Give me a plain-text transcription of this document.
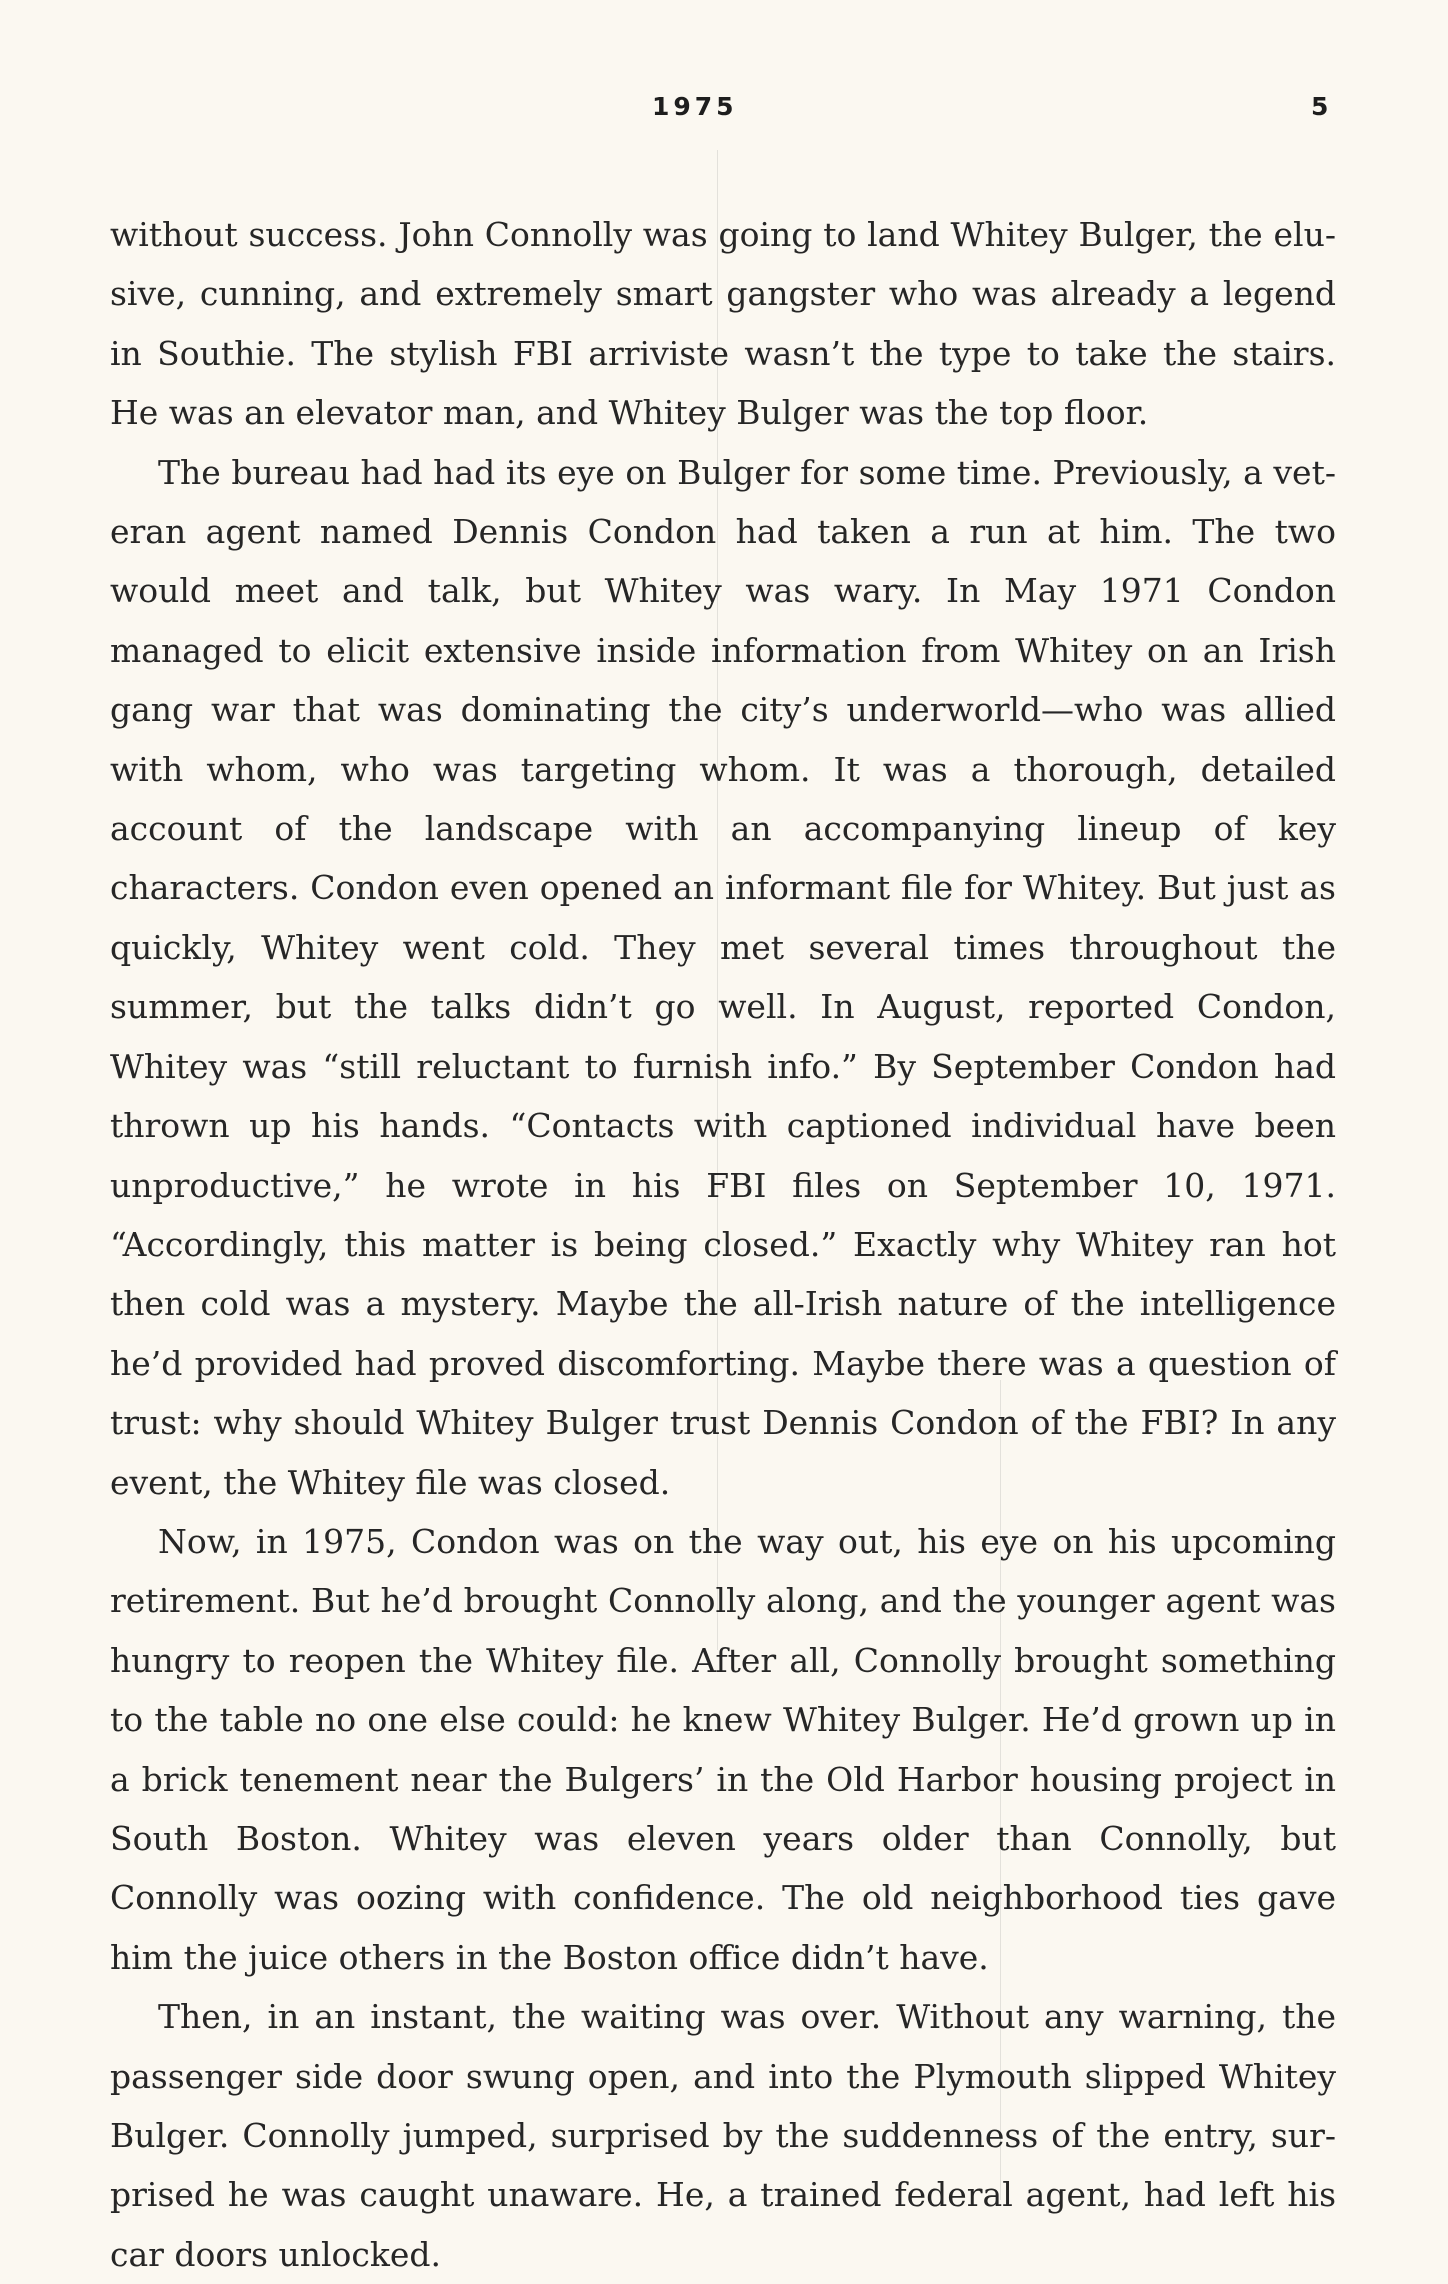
1975	5

without success. John Connolly was going to land Whitey Bulger, the elusive, cunning, and extremely smart gangster who was already a legend in Southie. The stylish FBI arriviste wasn’t the type to take the stairs. He was an elevator man, and Whitey Bulger was the top floor.

The bureau had had its eye on Bulger for some time. Previously, a veteran agent named Dennis Condon had taken a run at him. The two would meet and talk, but Whitey was wary. In May 1971 Condon managed to elicit extensive inside information from Whitey on an Irish gang war that was dominating the city’s underworld—who was allied with whom, who was targeting whom. It was a thorough, detailed account of the landscape with an accompanying lineup of key characters. Condon even opened an informant file for Whitey. But just as quickly, Whitey went cold. They met several times throughout the summer, but the talks didn’t go well. In August, reported Condon, Whitey was “still reluctant to furnish info.” By September Condon had thrown up his hands. “Contacts with captioned individual have been unproductive,” he wrote in his FBI files on September 10, 1971. “Accordingly, this matter is being closed.” Exactly why Whitey ran hot then cold was a mystery. Maybe the all-Irish nature of the intelligence he’d provided had proved discomforting. Maybe there was a question of trust: why should Whitey Bulger trust Dennis Condon of the FBI? In any event, the Whitey file was closed.

Now, in 1975, Condon was on the way out, his eye on his upcoming retirement. But he’d brought Connolly along, and the younger agent was hungry to reopen the Whitey file. After all, Connolly brought something to the table no one else could: he knew Whitey Bulger. He’d grown up in a brick tenement near the Bulgers’ in the Old Harbor housing project in South Boston. Whitey was eleven years older than Connolly, but Connolly was oozing with confidence. The old neighborhood ties gave him the juice others in the Boston office didn’t have.

Then, in an instant, the waiting was over. Without any warning, the passenger side door swung open, and into the Plymouth slipped Whitey Bulger. Connolly jumped, surprised by the suddenness of the entry, surprised he was caught unaware. He, a trained federal agent, had left his car doors unlocked.
